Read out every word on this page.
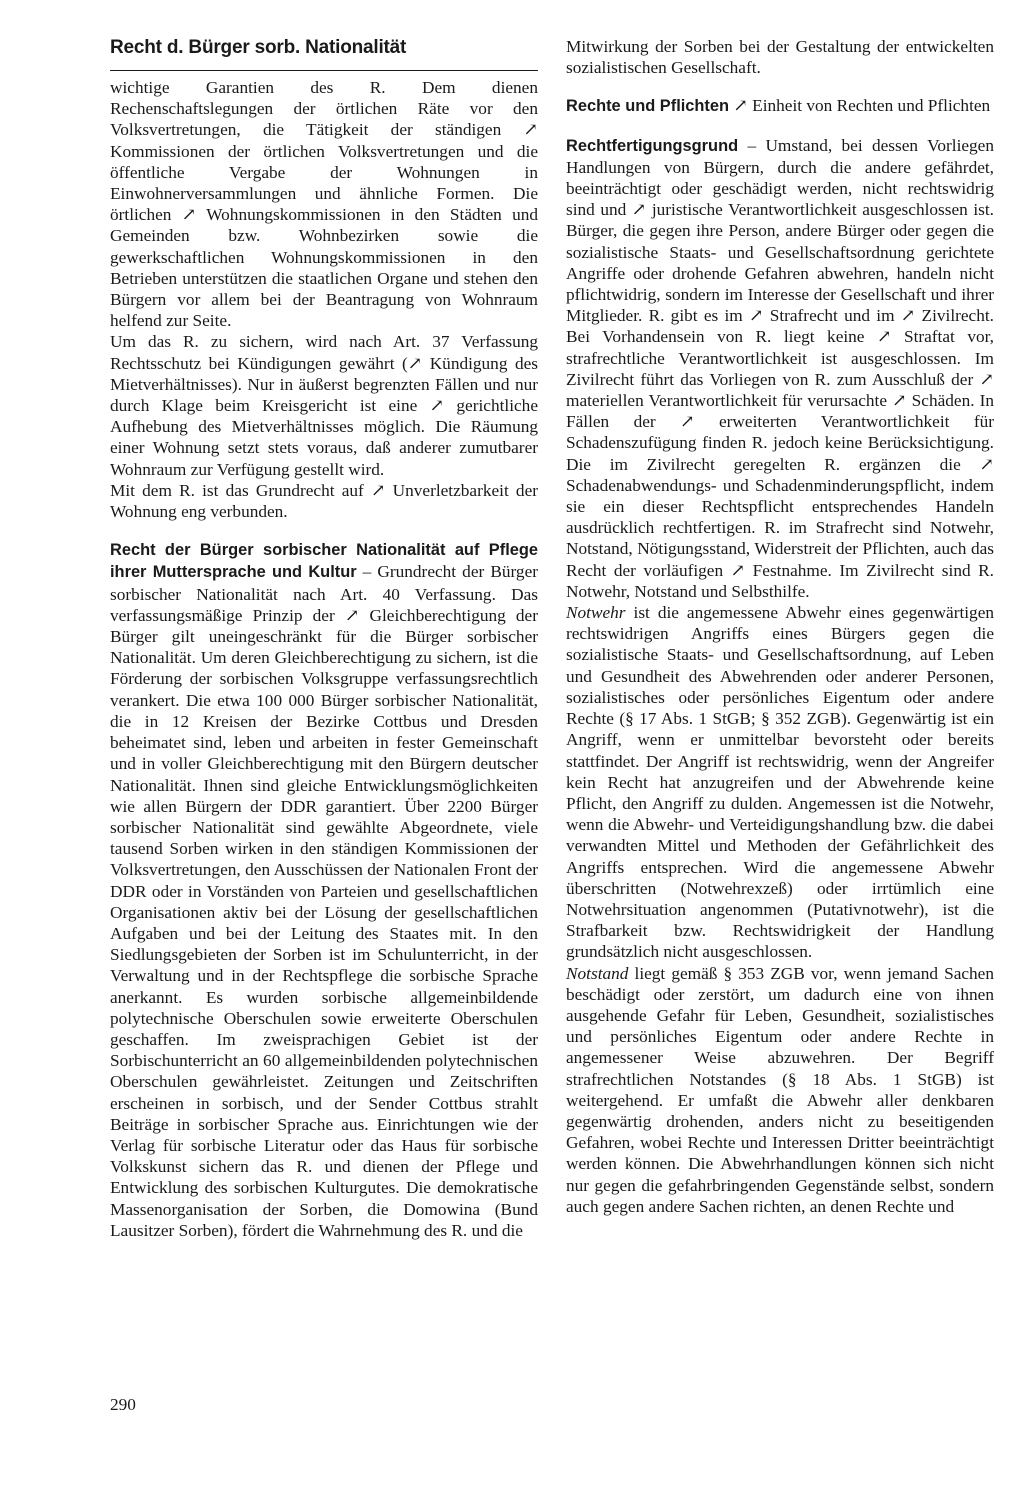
Recht d. Bürger sorb. Nationalität

wichtige Garantien des R. Dem dienen Rechenschaftslegungen der örtlichen Räte vor den Volksvertretungen, die Tätigkeit der ständigen ↗ Kommissionen der örtlichen Volksvertretungen und die öffentliche Vergabe der Wohnungen in Einwohnerversammlungen und ähnliche Formen. Die örtlichen ↗ Wohnungskommissionen in den Städten und Gemeinden bzw. Wohnbezirken sowie die gewerkschaftlichen Wohnungskommissionen in den Betrieben unterstützen die staatlichen Organe und stehen den Bürgern vor allem bei der Beantragung von Wohnraum helfend zur Seite.

Um das R. zu sichern, wird nach Art. 37 Verfassung Rechtsschutz bei Kündigungen gewährt (↗ Kündigung des Mietverhältnisses). Nur in äußerst begrenzten Fällen und nur durch Klage beim Kreisgericht ist eine ↗ gerichtliche Aufhebung des Mietverhältnisses möglich. Die Räumung einer Wohnung setzt stets voraus, daß anderer zumutbarer Wohnraum zur Verfügung gestellt wird.

Mit dem R. ist das Grundrecht auf ↗ Unverletzbarkeit der Wohnung eng verbunden.

Recht der Bürger sorbischer Nationalität auf Pflege ihrer Muttersprache und Kultur – Grundrecht der Bürger sorbischer Nationalität nach Art. 40 Verfassung. Das verfassungsmäßige Prinzip der ↗ Gleichberechtigung der Bürger gilt uneingeschränkt für die Bürger sorbischer Nationalität. Um deren Gleichberechtigung zu sichern, ist die Förderung der sorbischen Volksgruppe verfassungsrechtlich verankert. Die etwa 100 000 Bürger sorbischer Nationalität, die in 12 Kreisen der Bezirke Cottbus und Dresden beheimatet sind, leben und arbeiten in fester Gemeinschaft und in voller Gleichberechtigung mit den Bürgern deutscher Nationalität. Ihnen sind gleiche Entwicklungsmöglichkeiten wie allen Bürgern der DDR garantiert. Über 2200 Bürger sorbischer Nationalität sind gewählte Abgeordnete, viele tausend Sorben wirken in den ständigen Kommissionen der Volksvertretungen, den Ausschüssen der Nationalen Front der DDR oder in Vorständen von Parteien und gesellschaftlichen Organisationen aktiv bei der Lösung der gesellschaftlichen Aufgaben und bei der Leitung des Staates mit. In den Siedlungsgebieten der Sorben ist im Schulunterricht, in der Verwaltung und in der Rechtspflege die sorbische Sprache anerkannt. Es wurden sorbische allgemeinbildende polytechnische Oberschulen sowie erweiterte Oberschulen geschaffen. Im zweisprachigen Gebiet ist der Sorbischunterricht an 60 allgemeinbildenden polytechnischen Oberschulen gewährleistet. Zeitungen und Zeitschriften erscheinen in sorbisch, und der Sender Cottbus strahlt Beiträge in sorbischer Sprache aus. Einrichtungen wie der Verlag für sorbische Literatur oder das Haus für sorbische Volkskunst sichern das R. und dienen der Pflege und Entwicklung des sorbischen Kulturgutes. Die demokratische Massenorganisation der Sorben, die Domowina (Bund Lausitzer Sorben), fördert die Wahrnehmung des R. und die

Mitwirkung der Sorben bei der Gestaltung der entwickelten sozialistischen Gesellschaft.

Rechte und Pflichten ↗ Einheit von Rechten und Pflichten

Rechtfertigungsgrund – Umstand, bei dessen Vorliegen Handlungen von Bürgern, durch die andere gefährdet, beeinträchtigt oder geschädigt werden, nicht rechtswidrig sind und ↗ juristische Verantwortlichkeit ausgeschlossen ist. Bürger, die gegen ihre Person, andere Bürger oder gegen die sozialistische Staats- und Gesellschaftsordnung gerichtete Angriffe oder drohende Gefahren abwehren, handeln nicht pflichtwidrig, sondern im Interesse der Gesellschaft und ihrer Mitglieder. R. gibt es im ↗ Strafrecht und im ↗ Zivilrecht. Bei Vorhandensein von R. liegt keine ↗ Straftat vor, strafrechtliche Verantwortlichkeit ist ausgeschlossen. Im Zivilrecht führt das Vorliegen von R. zum Ausschluß der ↗ materiellen Verantwortlichkeit für verursachte ↗ Schäden. In Fällen der ↗ erweiterten Verantwortlichkeit für Schadenszufügung finden R. jedoch keine Berücksichtigung. Die im Zivilrecht geregelten R. ergänzen die ↗ Schadenabwendungs- und Schadenminderungspflicht, indem sie ein dieser Rechtspflicht entsprechendes Handeln ausdrücklich rechtfertigen. R. im Strafrecht sind Notwehr, Notstand, Nötigungsstand, Widerstreit der Pflichten, auch das Recht der vorläufigen ↗ Festnahme. Im Zivilrecht sind R. Notwehr, Notstand und Selbsthilfe.

Notwehr ist die angemessene Abwehr eines gegenwärtigen rechtswidrigen Angriffs eines Bürgers gegen die sozialistische Staats- und Gesellschaftsordnung, auf Leben und Gesundheit des Abwehrenden oder anderer Personen, sozialistisches oder persönliches Eigentum oder andere Rechte (§ 17 Abs. 1 StGB; § 352 ZGB). Gegenwärtig ist ein Angriff, wenn er unmittelbar bevorsteht oder bereits stattfindet. Der Angriff ist rechtswidrig, wenn der Angreifer kein Recht hat anzugreifen und der Abwehrende keine Pflicht, den Angriff zu dulden. Angemessen ist die Notwehr, wenn die Abwehr- und Verteidigungshandlung bzw. die dabei verwandten Mittel und Methoden der Gefährlichkeit des Angriffs entsprechen. Wird die angemessene Abwehr überschritten (Notwehrexzeß) oder irrtümlich eine Notwehrsituation angenommen (Putativnotwehr), ist die Strafbarkeit bzw. Rechtswidrigkeit der Handlung grundsätzlich nicht ausgeschlossen.

Notstand liegt gemäß § 353 ZGB vor, wenn jemand Sachen beschädigt oder zerstört, um dadurch eine von ihnen ausgehende Gefahr für Leben, Gesundheit, sozialistisches und persönliches Eigentum oder andere Rechte in angemessener Weise abzuwehren. Der Begriff strafrechtlichen Notstandes (§ 18 Abs. 1 StGB) ist weitergehend. Er umfaßt die Abwehr aller denkbaren gegenwärtig drohenden, anders nicht zu beseitigenden Gefahren, wobei Rechte und Interessen Dritter beeinträchtigt werden können. Die Abwehrhandlungen können sich nicht nur gegen die gefahrbringenden Gegenstände selbst, sondern auch gegen andere Sachen richten, an denen Rechte und

290
